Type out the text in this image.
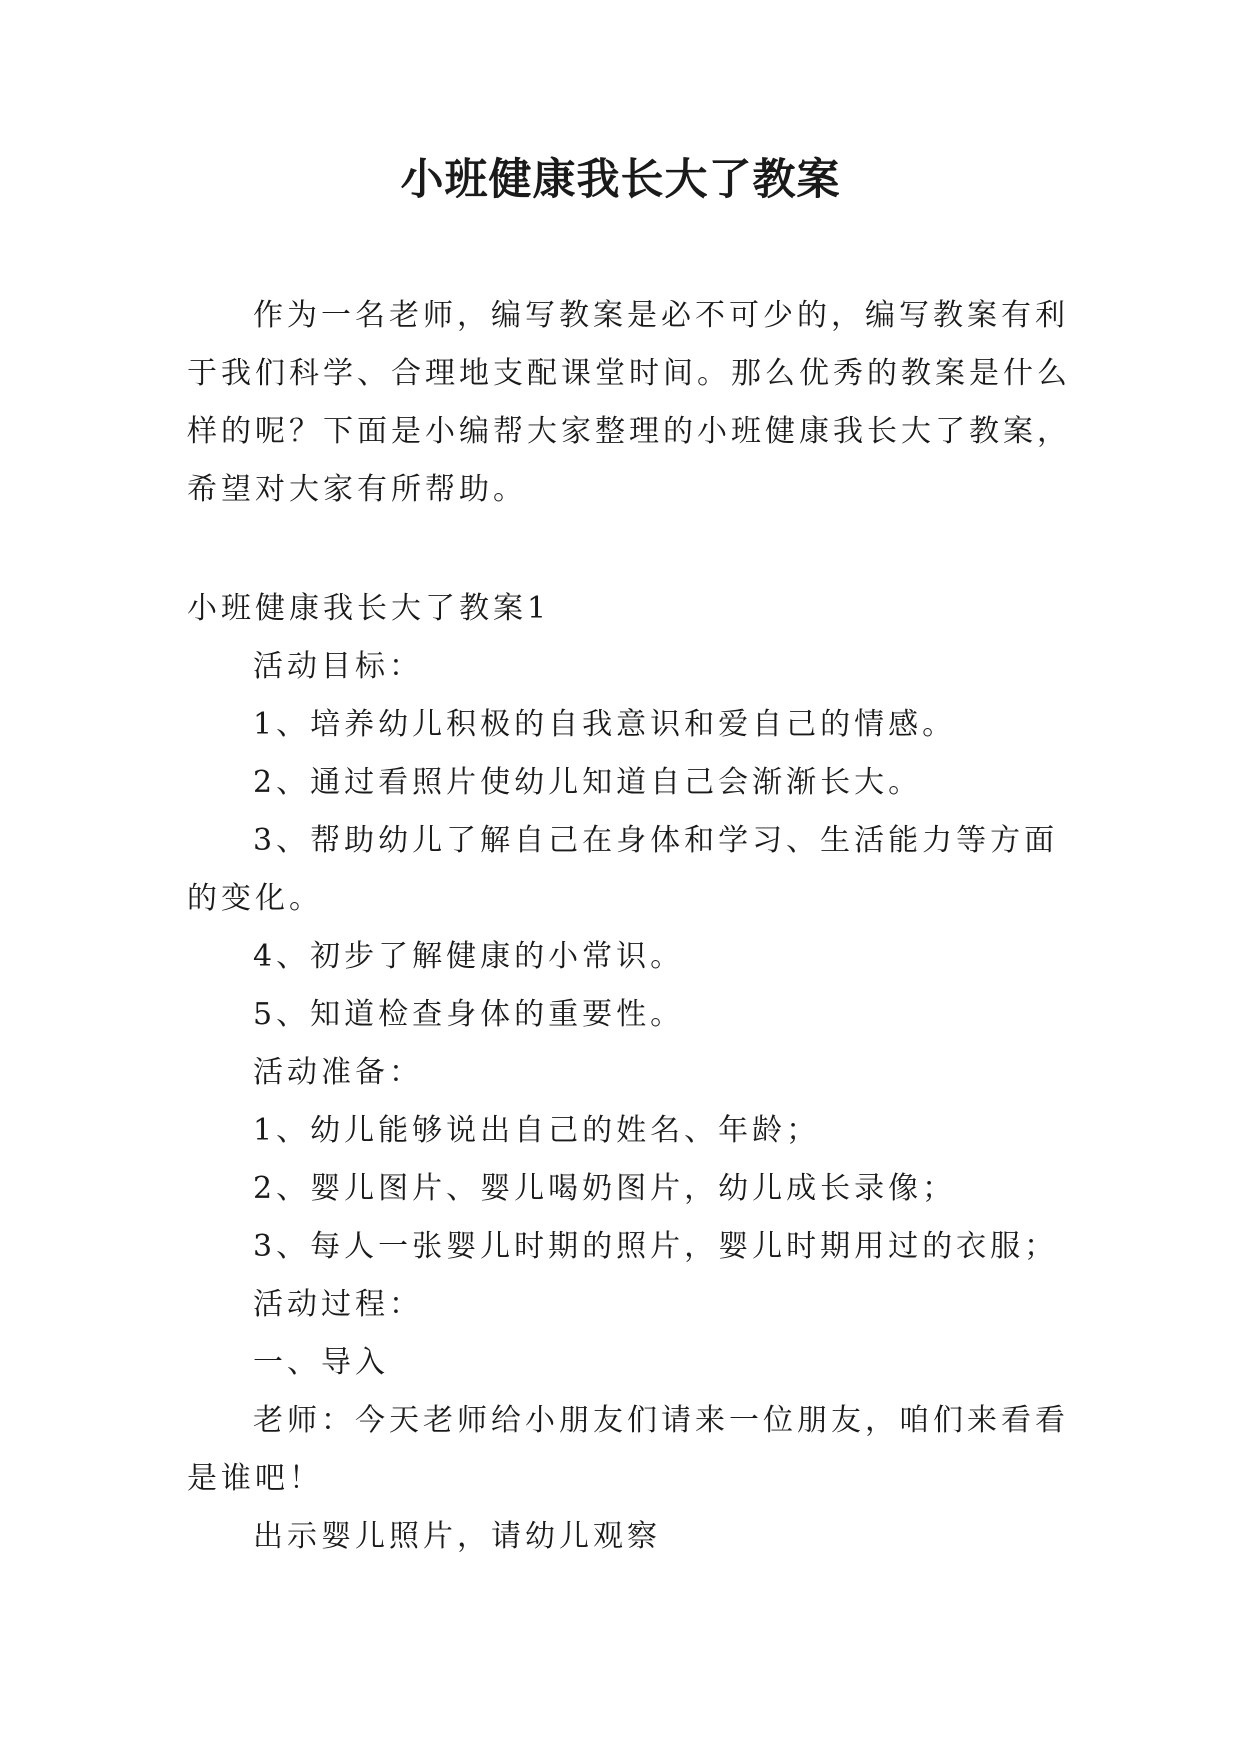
小班健康我长大了教案
作为一名老师，编写教案是必不可少的，编写教案有利
于我们科学、合理地支配课堂时间。那么优秀的教案是什么
样的呢？下面是小编帮大家整理的小班健康我长大了教案，
希望对大家有所帮助。
小班健康我长大了教案1
活动目标：
1、培养幼儿积极的自我意识和爱自己的情感。
2、通过看照片使幼儿知道自己会渐渐长大。
3、帮助幼儿了解自己在身体和学习、生活能力等方面
的变化。
4、初步了解健康的小常识。
5、知道检查身体的重要性。
活动准备：
1、幼儿能够说出自己的姓名、年龄；
2、婴儿图片、婴儿喝奶图片，幼儿成长录像；
3、每人一张婴儿时期的照片，婴儿时期用过的衣服；
活动过程：
一、导入
老师：今天老师给小朋友们请来一位朋友，咱们来看看
是谁吧！
出示婴儿照片，请幼儿观察
